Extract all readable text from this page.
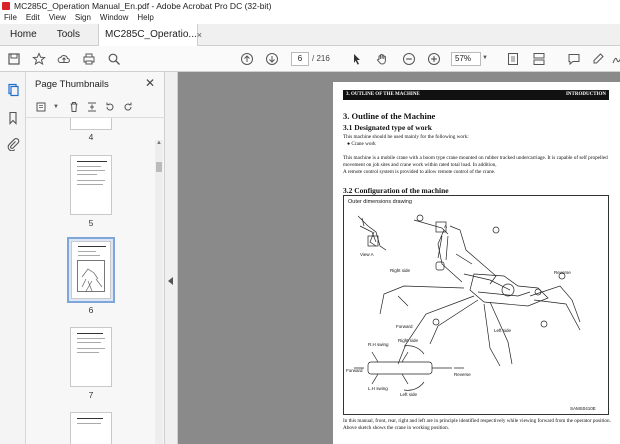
MC285C_Operation Manual_En.pdf - Adobe Acrobat Pro DC (32-bit)
File Edit View Sign Window Help
Home	Tools	MC285C_Operatio... ×
6	/ 216	57%	▼
Page Thumbnails	✕
▼
▲
4
5
6
7
3. OUTLINE OF THE MACHINE	INTRODUCTION
3. Outline of the Machine
3.1 Designated type of work
This machine should be used mainly for the following work:
● Crane work
This machine is a mobile crane with a boom type crane mounted on rubber tracked undercarriage. It is capable of self propelled movement on job sites and crane work within rated total load. In addition,
A remote control system is provided to allow remote control of the crane.
3.2 Configuration of the machine
Outer dimensions drawing
A
View A
Right side	Reverse
Forward
Left side
R.H swing
Right side
Forward
Reverse
L.H swing
Left side
SAMS0410E
In this manual, front, rear, right and left are in principle identified respectively while viewing forward from the operator position. Above sketch shows the crane in working position.
